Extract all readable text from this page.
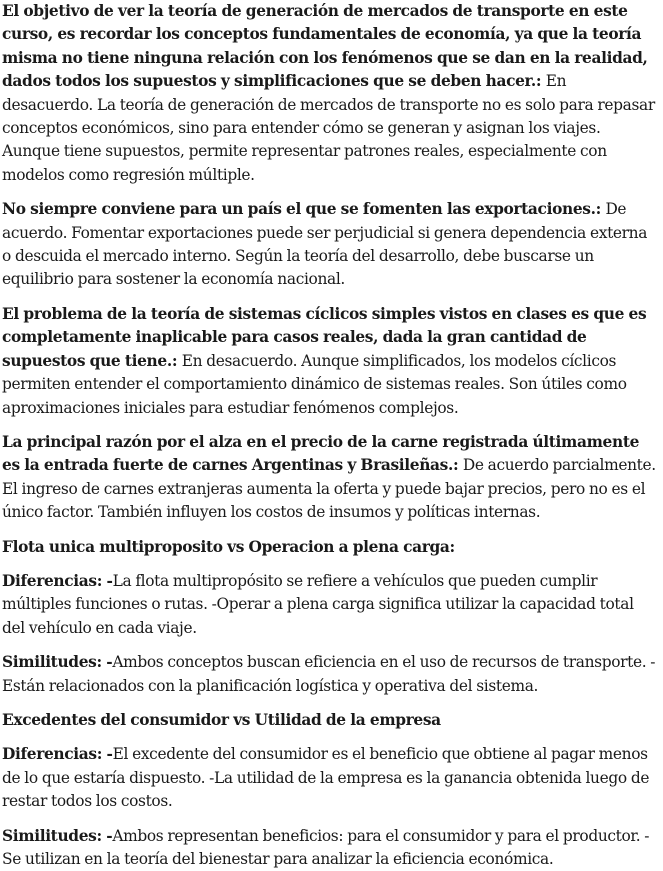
El objetivo de ver la teoría de generación de mercados de transporte en este curso, es recordar los conceptos fundamentales de economía, ya que la teoría misma no tiene ninguna relación con los fenómenos que se dan en la realidad, dados todos los supuestos y simplificaciones que se deben hacer.: En desacuerdo. La teoría de generación de mercados de transporte no es solo para repasar conceptos económicos, sino para entender cómo se generan y asignan los viajes. Aunque tiene supuestos, permite representar patrones reales, especialmente con modelos como regresión múltiple.

No siempre conviene para un país el que se fomenten las exportaciones.: De acuerdo. Fomentar exportaciones puede ser perjudicial si genera dependencia externa o descuida el mercado interno. Según la teoría del desarrollo, debe buscarse un equilibrio para sostener la economía nacional.

El problema de la teoría de sistemas cíclicos simples vistos en clases es que es completamente inaplicable para casos reales, dada la gran cantidad de supuestos que tiene.: En desacuerdo. Aunque simplificados, los modelos cíclicos permiten entender el comportamiento dinámico de sistemas reales. Son útiles como aproximaciones iniciales para estudiar fenómenos complejos.

La principal razón por el alza en el precio de la carne registrada últimamente es la entrada fuerte de carnes Argentinas y Brasileñas.: De acuerdo parcialmente. El ingreso de carnes extranjeras aumenta la oferta y puede bajar precios, pero no es el único factor. También influyen los costos de insumos y políticas internas.

Flota unica multiproposito vs Operacion a plena carga:

Diferencias: -La flota multipropósito se refiere a vehículos que pueden cumplir múltiples funciones o rutas. -Operar a plena carga significa utilizar la capacidad total del vehículo en cada viaje.

Similitudes: -Ambos conceptos buscan eficiencia en el uso de recursos de transporte. -Están relacionados con la planificación logística y operativa del sistema.

Excedentes del consumidor vs Utilidad de la empresa

Diferencias: -El excedente del consumidor es el beneficio que obtiene al pagar menos de lo que estaría dispuesto. -La utilidad de la empresa es la ganancia obtenida luego de restar todos los costos.

Similitudes: -Ambos representan beneficios: para el consumidor y para el productor. -Se utilizan en la teoría del bienestar para analizar la eficiencia económica.
